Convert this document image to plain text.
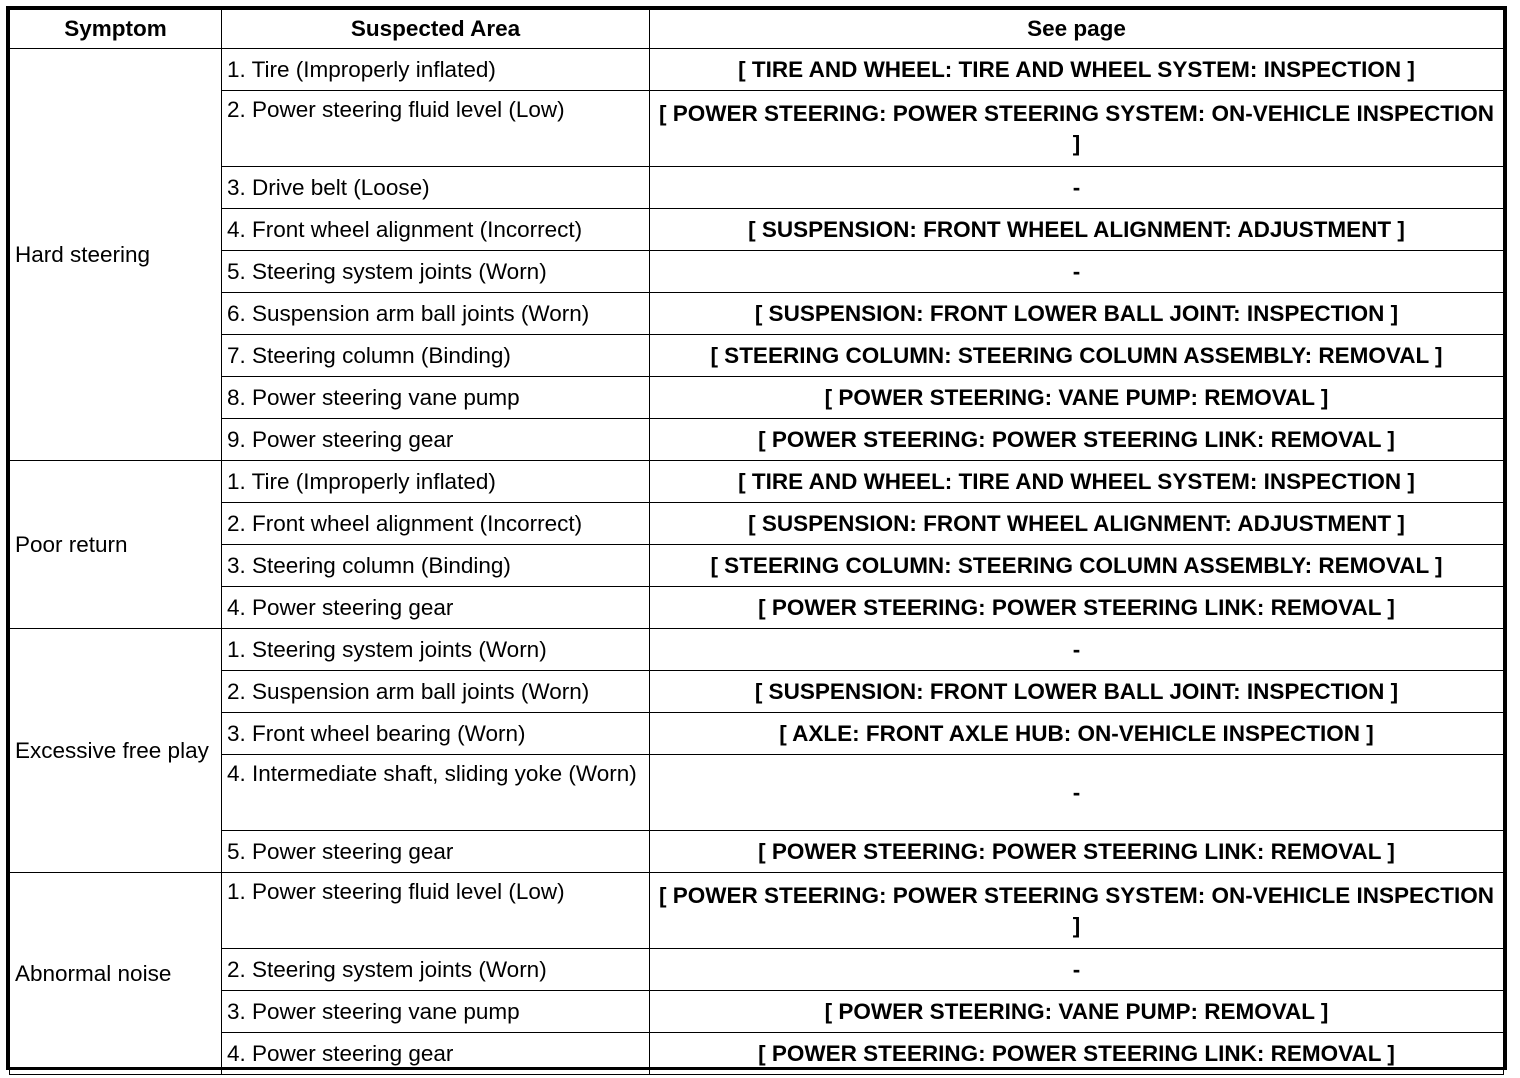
Symptom	Suspected Area	See page
Hard steering	1. Tire (Improperly inflated)	[ TIRE AND WHEEL: TIRE AND WHEEL SYSTEM: INSPECTION ]
	2. Power steering fluid level (Low)	[ POWER STEERING: POWER STEERING SYSTEM: ON-VEHICLE INSPECTION ]
	3. Drive belt (Loose)	-
	4. Front wheel alignment (Incorrect)	[ SUSPENSION: FRONT WHEEL ALIGNMENT: ADJUSTMENT ]
	5. Steering system joints (Worn)	-
	6. Suspension arm ball joints (Worn)	[ SUSPENSION: FRONT LOWER BALL JOINT: INSPECTION ]
	7. Steering column (Binding)	[ STEERING COLUMN: STEERING COLUMN ASSEMBLY: REMOVAL ]
	8. Power steering vane pump	[ POWER STEERING: VANE PUMP: REMOVAL ]
	9. Power steering gear	[ POWER STEERING: POWER STEERING LINK: REMOVAL ]
Poor return	1. Tire (Improperly inflated)	[ TIRE AND WHEEL: TIRE AND WHEEL SYSTEM: INSPECTION ]
	2. Front wheel alignment (Incorrect)	[ SUSPENSION: FRONT WHEEL ALIGNMENT: ADJUSTMENT ]
	3. Steering column (Binding)	[ STEERING COLUMN: STEERING COLUMN ASSEMBLY: REMOVAL ]
	4. Power steering gear	[ POWER STEERING: POWER STEERING LINK: REMOVAL ]
Excessive free play	1. Steering system joints (Worn)	-
	2. Suspension arm ball joints (Worn)	[ SUSPENSION: FRONT LOWER BALL JOINT: INSPECTION ]
	3. Front wheel bearing (Worn)	[ AXLE: FRONT AXLE HUB: ON-VEHICLE INSPECTION ]
	4. Intermediate shaft, sliding yoke (Worn)	-
	5. Power steering gear	[ POWER STEERING: POWER STEERING LINK: REMOVAL ]
Abnormal noise	1. Power steering fluid level (Low)	[ POWER STEERING: POWER STEERING SYSTEM: ON-VEHICLE INSPECTION ]
	2. Steering system joints (Worn)	-
	3. Power steering vane pump	[ POWER STEERING: VANE PUMP: REMOVAL ]
	4. Power steering gear	[ POWER STEERING: POWER STEERING LINK: REMOVAL ]
